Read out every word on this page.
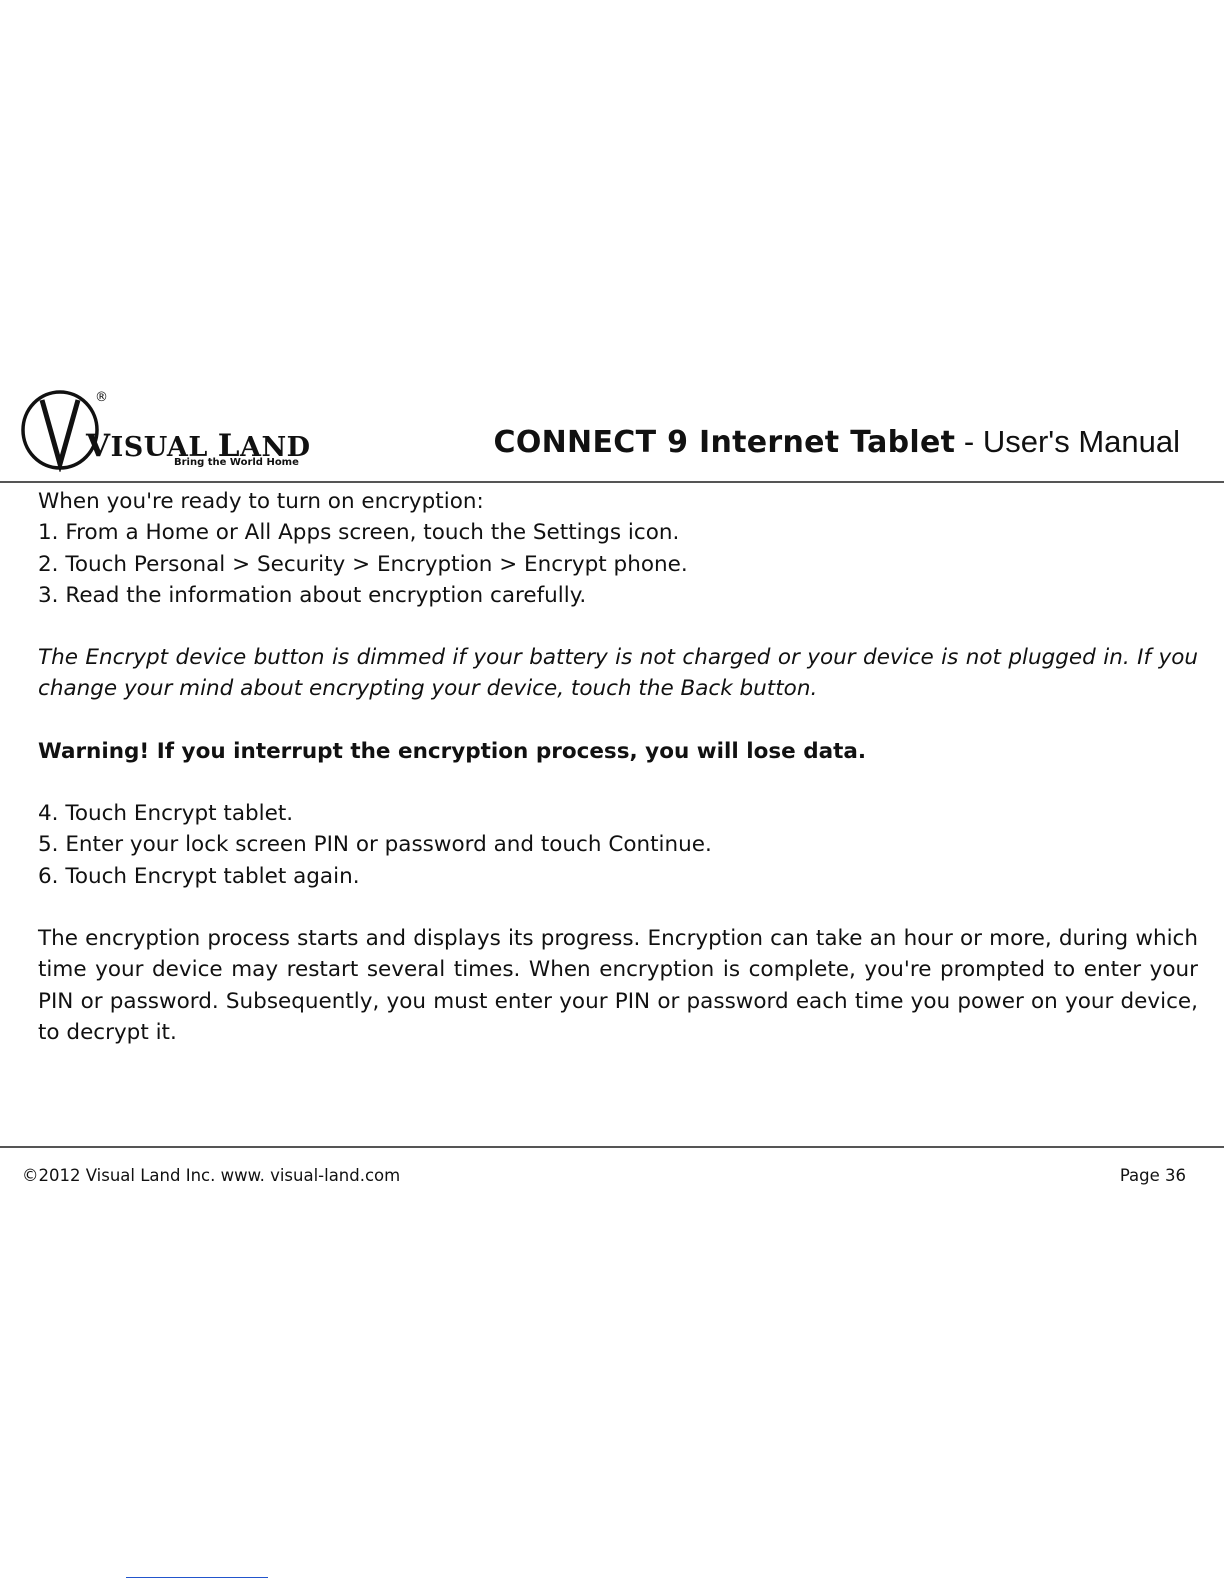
®
VISUAL LAND
Bring the World Home
CONNECT 9 Internet Tablet - User's Manual

When you're ready to turn on encryption:

1. From a Home or All Apps screen, touch the Settings icon.

2. Touch Personal > Security > Encryption > Encrypt phone.

3. Read the information about encryption carefully.

The Encrypt device button is dimmed if your battery is not charged or your device is not plugged in. If you change your mind about encrypting your device, touch the Back button.

Warning! If you interrupt the encryption process, you will lose data.

4. Touch Encrypt tablet.

5. Enter your lock screen PIN or password and touch Continue.

6. Touch Encrypt tablet again.

The encryption process starts and displays its progress. Encryption can take an hour or more, during which time your device may restart several times. When encryption is complete, you're prompted to enter your PIN or password. Subsequently, you must enter your PIN or password each time you power on your device, to decrypt it.

©2012 Visual Land Inc. www. visual-land.com	Page 36
